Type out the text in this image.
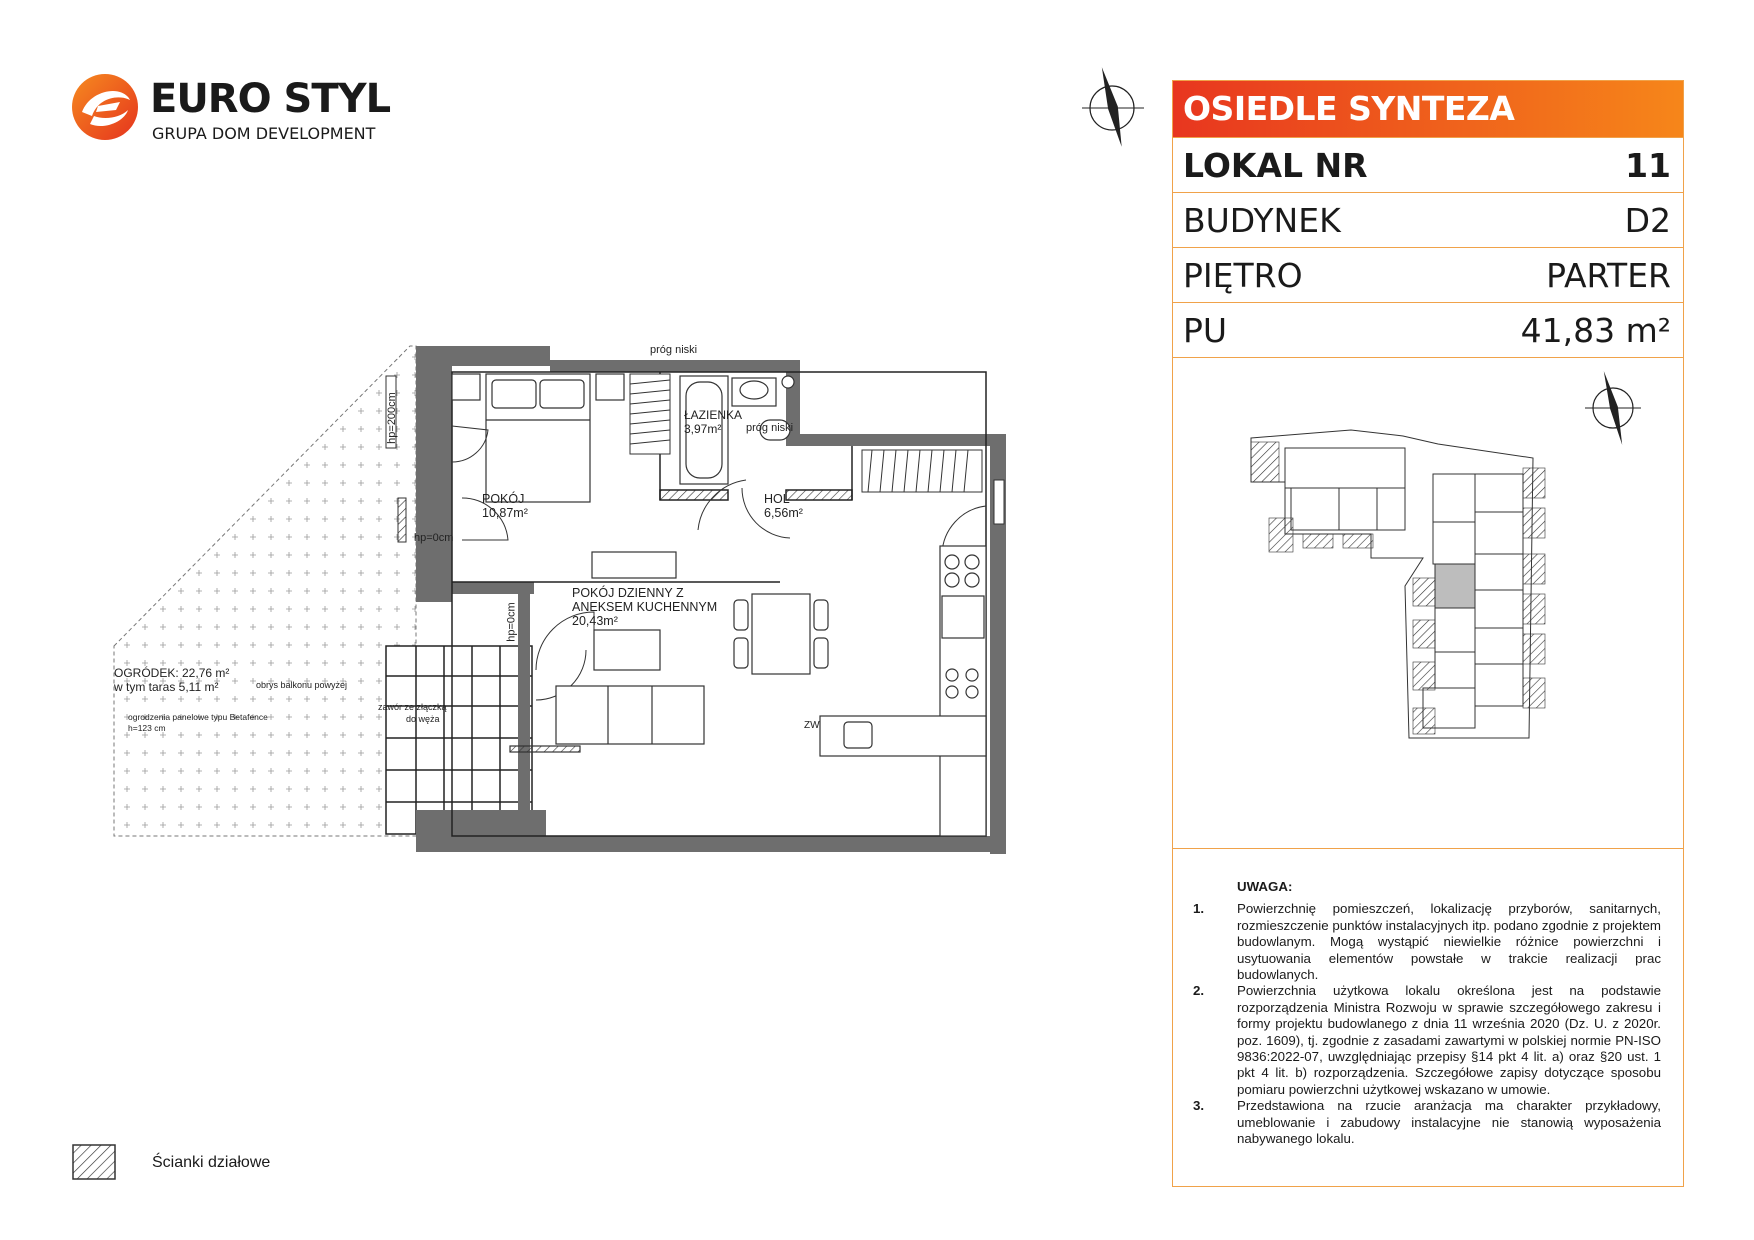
EURO STYL
GRUPA DOM DEVELOPMENT
POKÓJ
10,87m²
ŁAZIENKA
3,97m²
HOL
6,56m²
POKÓJ DZIENNY Z
ANEKSEM KUCHENNYM
20,43m²
OGRÓDEK: 22,76 m²
w tym taras 5,11 m²
próg niski
próg niski
hp=200cm
hp=0cm
hp=0cm
obrys balkonu powyżej
zawór ze złączką
do węża
ogrodzenia panelowe typu Betafence
h=123 cm	ZW
OSIEDLE SYNTEZA
LOKAL NR	11
BUDYNEK	D2
PIĘTRO	PARTER
PU	41,83 m²
UWAGA:
1. Powierzchnię pomieszczeń, lokalizację przyborów, sanitarnych, rozmieszczenie punktów instalacyjnych itp. podano zgodnie z projektem budowlanym. Mogą wystąpić niewielkie różnice powierzchni i usytuowania elementów powstałe w trakcie realizacji prac budowlanych.
2. Powierzchnia użytkowa lokalu określona jest na podstawie rozporządzenia Ministra Rozwoju w sprawie szczegółowego zakresu i formy projektu budowlanego z dnia 11 września 2020 (Dz. U. z 2020r. poz. 1609), tj. zgodnie z zasadami zawartymi w polskiej normie PN-ISO 9836:2022-07, uwzględniając przepisy §14 pkt 4 lit. a) oraz §20 ust. 1 pkt 4 lit. b) rozporządzenia. Szczegółowe zapisy dotyczące sposobu pomiaru powierzchni użytkowej wskazano w umowie.
3. Przedstawiona na rzucie aranżacja ma charakter przykładowy, umeblowanie i zabudowy instalacyjne nie stanowią wyposażenia nabywanego lokalu.
Ścianki działowe
